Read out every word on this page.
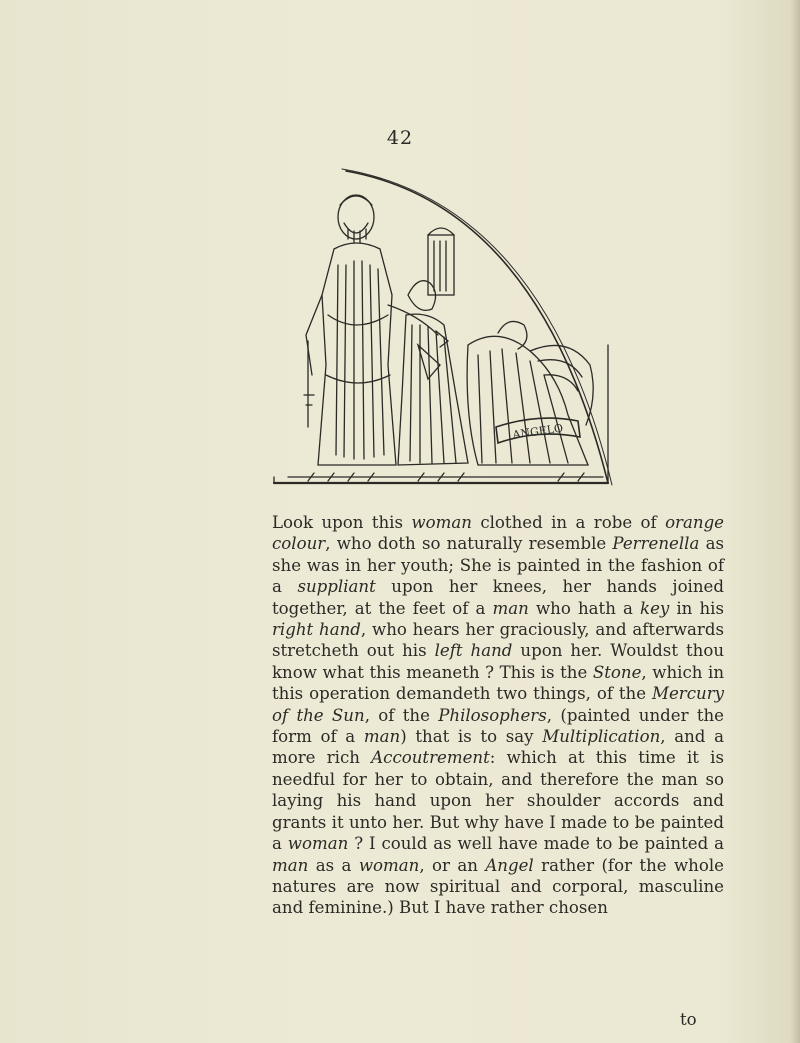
42
ANGELO

Look upon this woman clothed in a robe of orange colour, who doth so naturally resemble Perrenella as she was in her youth; She is painted in the fashion of a suppliant upon her knees, her hands joined together, at the feet of a man who hath a key in his right hand, who hears her graciously, and afterwards stretcheth out his left hand upon her. Wouldst thou know what this meaneth ? This is the Stone, which in this operation demandeth two things, of the Mercury of the Sun, of the Philosophers, (painted under the form of a man) that is to say Multiplication, and a more rich Accoutrement: which at this time it is needful for her to obtain, and therefore the man so laying his hand upon her shoulder accords and grants it unto her. But why have I made to be painted a woman ? I could as well have made to be painted a man as a woman, or an Angel rather (for the whole natures are now spiritual and corporal, masculine and feminine.) But I have rather chosen

to
